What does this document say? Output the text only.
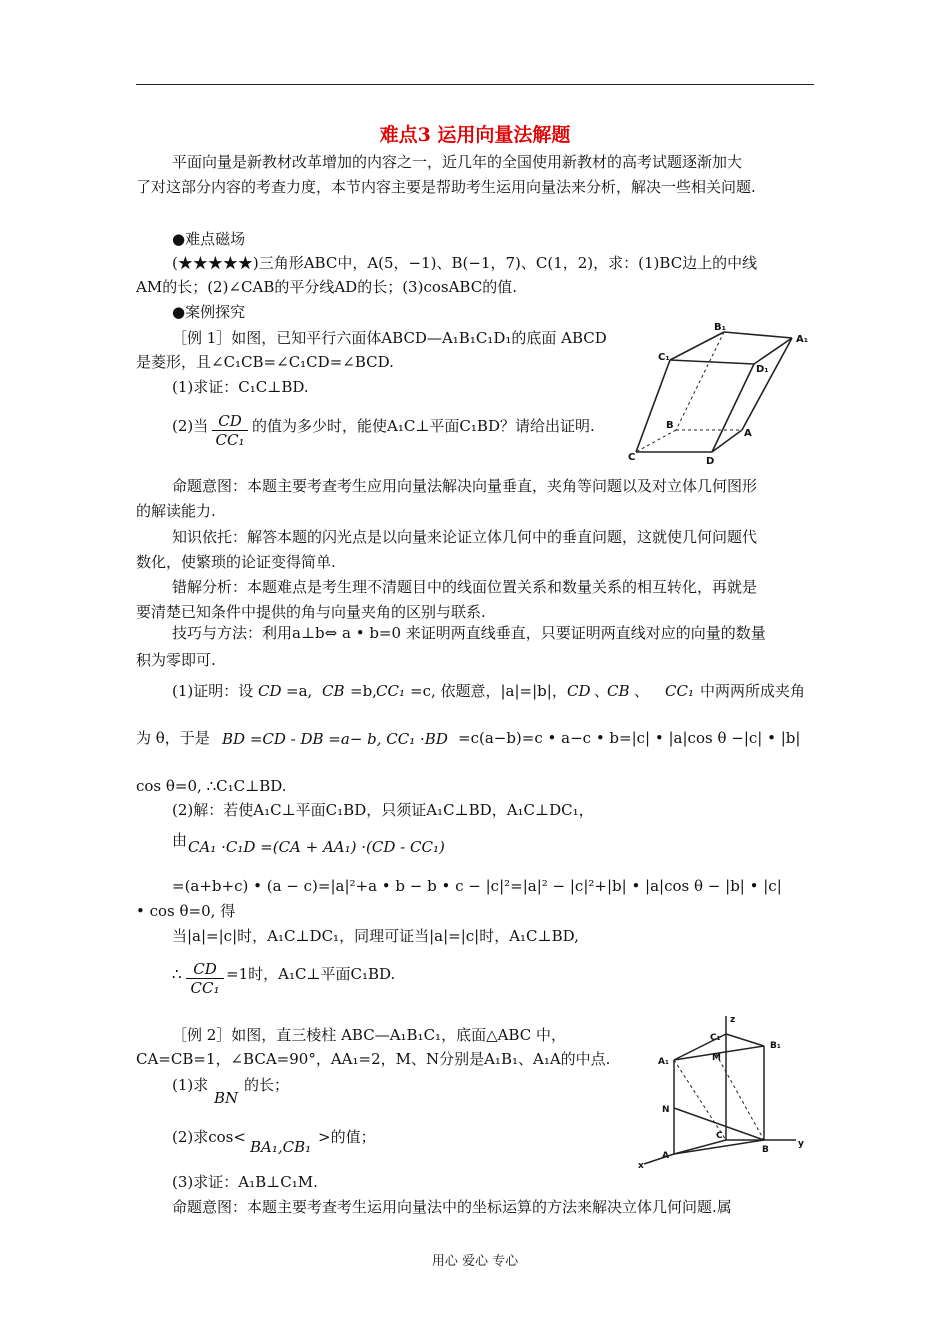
难点3 运用向量法解题
平面向量是新教材改革增加的内容之一，近几年的全国使用新教材的高考试题逐渐加大
了对这部分内容的考查力度，本节内容主要是帮助考生运用向量法来分析，解决一些相关问题.
●难点磁场
(★★★★★)三角形ABC中，A(5，−1)、B(−1，7)、C(1，2)，求：(1)BC边上的中线
AM的长；(2)∠CAB的平分线AD的长；(3)cosABC的值.
●案例探究
［例 1］如图，已知平行六面体ABCD—A₁B₁C₁D₁的底面 ABCD
是菱形，且∠C₁CB=∠C₁CD=∠BCD.
(1)求证：C₁C⊥BD.
(2)当 $\frac{CD}{\text{CC₁}}$ 的值为多少时，能使A₁C⊥平面C₁BD？请给出证明.
B₁
A₁
C₁
D₁
B
A
C	D
命题意图：本题主要考查考生应用向量法解决向量垂直，夹角等问题以及对立体几何图形
的解读能力.
知识依托：解答本题的闪光点是以向量来论证立体几何中的垂直问题，这就使几何问题代
数化，使繁琐的论证变得简单.
错解分析：本题难点是考生理不清题目中的线面位置关系和数量关系的相互转化，再就是
要清楚已知条件中提供的角与向量夹角的区别与联系.
技巧与方法：利用a⊥b⇔ a • b=0 来证明两直线垂直，只要证明两直线对应的向量的数量
积为零即可.
(1)证明：设 CD =a, CB =b, CC₁ =c, 依题意，|a|=|b|， CD 、
CB 、 CC₁ 中两两所成夹角
为 θ，于是 BD =CD - DB =a− b, CC₁ ·BD =c(a−b)=c • a−c • b=|c| • |a|cos θ −|c| • |b|
cos θ=0, ∴C₁C⊥BD.
(2)解：若使A₁C⊥平面C₁BD，只须证A₁C⊥BD，A₁C⊥DC₁，
由 CA₁ ·C₁D =(CA + AA₁) ·(CD - CC₁)
=(a+b+c) • (a − c)=|a|²+a • b − b • c − |c|²=|a|² − |c|²+|b| • |a|cos θ − |b| • |c|
• cos θ=0, 得
当|a|=|c|时，A₁C⊥DC₁，同理可证当|a|=|c|时，A₁C⊥BD,
∴ $\frac{CD}{\text{CC₁}} =1$时，A₁C⊥平面C₁BD.
［例 2］如图，直三棱柱 ABC—A₁B₁C₁，底面△ABC 中，
CA=CB=1，∠BCA=90°，AA₁=2，M、N分别是A₁B₁、A₁A的中点.
(1)求
BN
的长；
(2)求cos<
BA₁,CB₁
>的值；
(3)求证：A₁B⊥C₁M.
命题意图：本题主要考查考生运用向量法中的坐标运算的方法来解决立体几何问题.属
z
C₁
B₁
A₁	M
N
C
A
B
x
y
用心 爱心 专心
